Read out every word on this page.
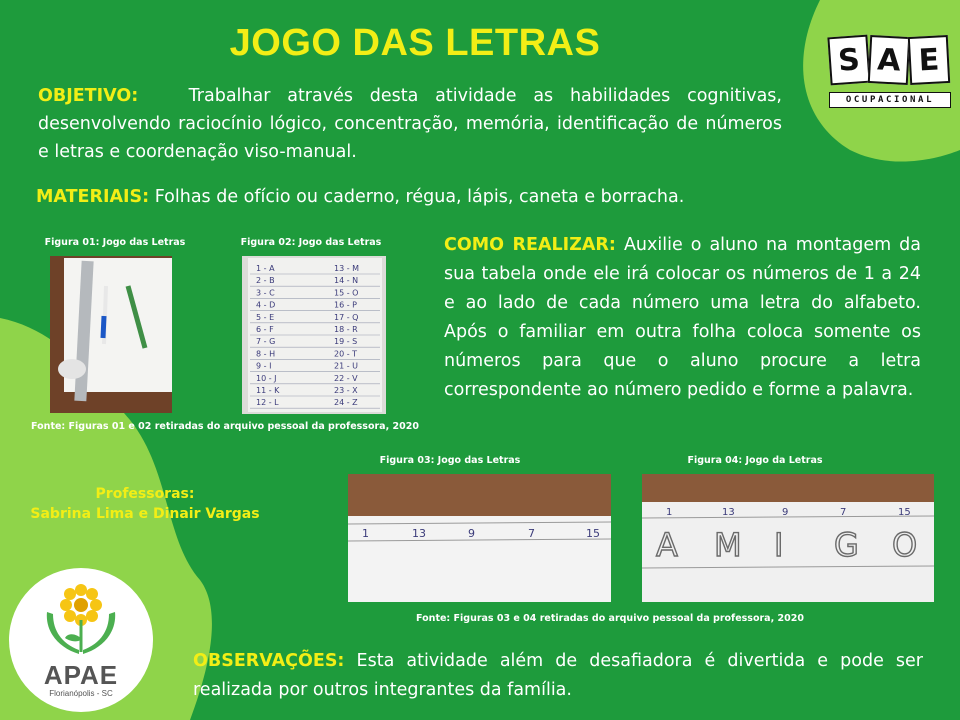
JOGO DAS LETRAS	S A E
OCUPACIONAL
OBJETIVO:	Trabalhar através desta atividade as habilidades cognitivas, desenvolvendo raciocínio lógico, concentração, memória, identificação de números e letras e coordenação viso-manual.
MATERIAIS: Folhas de ofício ou caderno, régua, lápis, caneta e borracha.
Figura 01: Jogo das Letras	Figura 02: Jogo das Letras
1 - A	13 - M
2 - B	14 - N
3 - C	15 - O
4 - D	16 - P
5 - E	17 - Q
6 - F	18 - R
7 - G	19 - S
8 - H	20 - T
9 - I	21 - U
10 - J	22 - V
11 - K	23 - X
12 - L	24 - Z
Fonte: Figuras 01 e 02 retiradas do arquivo pessoal da professora, 2020
COMO REALIZAR: Auxilie o aluno na montagem da sua tabela onde ele irá colocar os números de 1 a 24 e ao lado de cada número uma letra do alfabeto. Após o familiar em outra folha coloca somente os números para que o aluno procure a letra correspondente ao número pedido e forme a palavra.
Figura 03: Jogo das Letras
1	13	9	7	15
Figura 04: Jogo da Letras
1	13	9	7	15
A M I G O
Fonte: Figuras 03 e 04 retiradas do arquivo pessoal da professora, 2020
Professoras:
Sabrina Lima e Dinair Vargas
APAE
Florianópolis - SC
OBSERVAÇÕES: Esta atividade além de desafiadora é divertida e pode ser realizada por outros integrantes da família.
